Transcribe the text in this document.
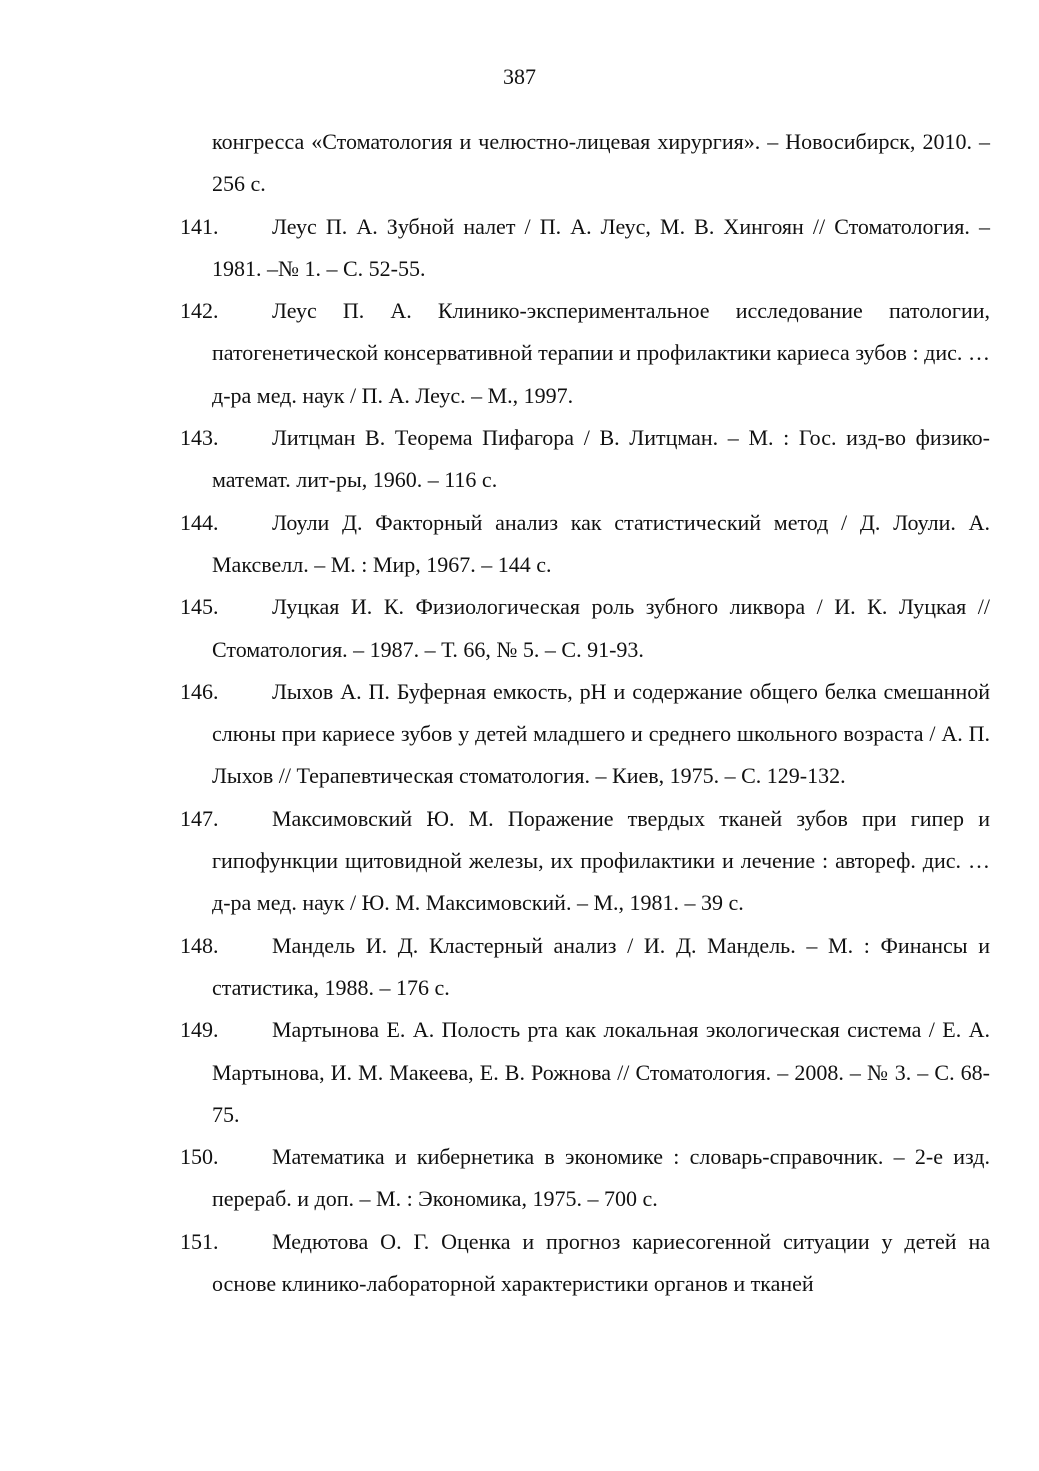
387
конгресса «Стоматология и челюстно-лицевая хирургия». – Новосибирск, 2010. – 256 с.
141.	Леус П. А. Зубной налет / П. А. Леус, М. В. Хингоян // Стоматология. – 1981. –№ 1. – С. 52-55.
142.	Леус П. А. Клинико-экспериментальное исследование патологии, патогенетической консервативной терапии и профилактики кариеса зубов : дис. … д-ра мед. наук / П. А. Леус. – М., 1997.
143.	Литцман В. Теорема Пифагора / В. Литцман. – М. : Гос. изд-во физико-математ. лит-ры, 1960. – 116 с.
144.	Лоули Д. Факторный анализ как статистический метод / Д. Лоули. А. Максвелл. – М. : Мир, 1967. – 144 с.
145.	Луцкая И. К. Физиологическая роль зубного ликвора / И. К. Луцкая // Стоматология. – 1987. – Т. 66, № 5. – С. 91-93.
146.	Лыхов А. П. Буферная емкость, pH и содержание общего белка смешанной слюны при кариесе зубов у детей младшего и среднего школьного возраста / А. П. Лыхов // Терапевтическая стоматология. – Киев, 1975. – С. 129-132.
147.	Максимовский Ю. М. Поражение твердых тканей зубов при гипер и гипофункции щитовидной железы, их профилактики и лечение : автореф. дис. … д-ра мед. наук / Ю. М. Максимовский. – М., 1981. – 39 с.
148.	Мандель И. Д. Кластерный анализ / И. Д. Мандель. – М. : Финансы и статистика, 1988. – 176 с.
149.	Мартынова Е. А. Полость рта как локальная экологическая система / Е. А. Мартынова, И. М. Макеева, Е. В. Рожнова // Стоматология. – 2008. – № 3. – С. 68-75.
150.	Математика и кибернетика в экономике : словарь-справочник. – 2-е изд. перераб. и доп. – М. : Экономика, 1975. – 700 с.
151.	Медютова О. Г. Оценка и прогноз кариесогенной ситуации у детей на основе клинико-лабораторной характеристики органов и тканей
